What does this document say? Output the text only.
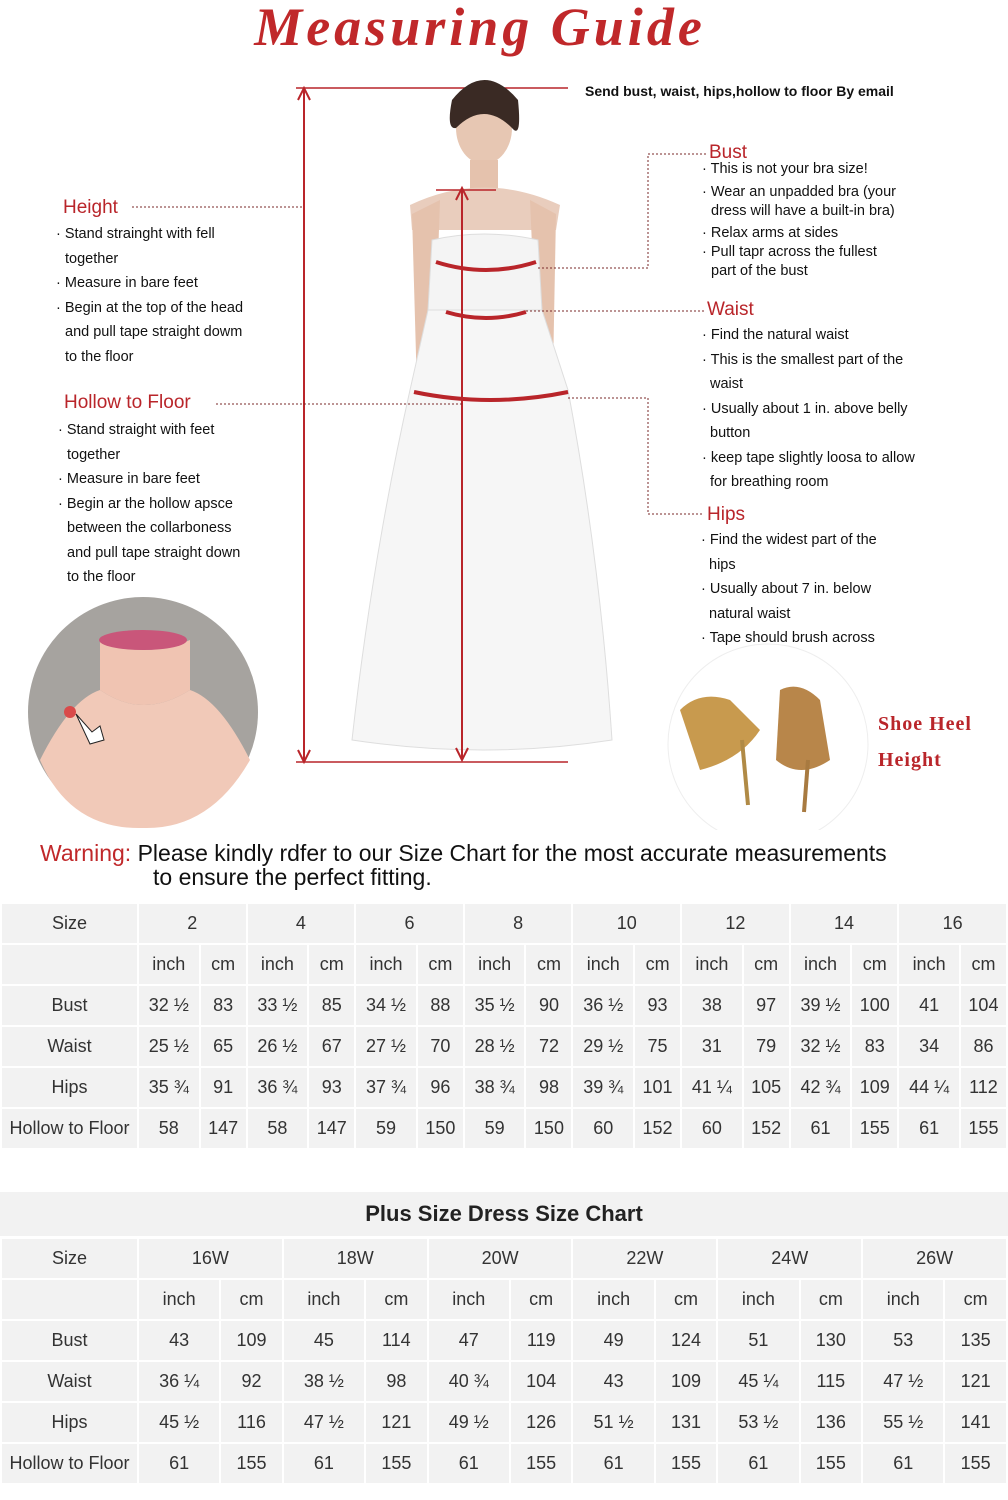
Measuring Guide
Send bust, waist, hips,hollow to floor By email
Height
· Stand strainght with fell
together
· Measure in bare feet
· Begin at the top of the head
and pull tape straight dowm
to the floor
Hollow to Floor
· Stand straight with feet
together
· Measure in bare feet
· Begin ar the hollow apsce
between the collarboness
and pull tape straight down
to the floor
Bust
· This is not your bra size!
· Wear an unpadded bra (your
dress will have a built-in bra)
· Relax arms at sides
· Pull tapr across the fullest
part of the bust
Waist
· Find the natural waist
· This is the smallest part of the
waist
· Usually about 1 in. above belly
button
· keep tape slightly loosa to allow
for breathing room
Hips
· Find the widest part of the
hips
· Usually about 7 in. below
natural waist
· Tape should brush across
Shoe Heel
Height
Warning: Please kindly rdfer to our Size Chart for the most accurate measurements
to ensure the perfect fitting.
Size	2		4		6		8		10		12		14		16	
	inch	cm	inch	cm	inch	cm	inch	cm	inch	cm	inch	cm	inch	cm	inch	cm
Bust	32 ½	83	33 ½	85	34 ½	88	35 ½	90	36 ½	93	38	97	39 ½	100	41	104
Waist	25 ½	65	26 ½	67	27 ½	70	28 ½	72	29 ½	75	31	79	32 ½	83	34	86
Hips	35 ¾	91	36 ¾	93	37 ¾	96	38 ¾	98	39 ¾	101	41 ¼	105	42 ¾	109	44 ¼	112
Hollow to Floor	58	147	58	147	59	150	59	150	60	152	60	152	61	155	61	155
Plus Size Dress Size Chart
Size	16W		18W		20W		22W		24W		26W	
	inch	cm	inch	cm	inch	cm	inch	cm	inch	cm	inch	cm
Bust	43	109	45	114	47	119	49	124	51	130	53	135
Waist	36 ¼	92	38 ½	98	40 ¾	104	43	109	45 ¼	115	47 ½	121
Hips	45 ½	116	47 ½	121	49 ½	126	51 ½	131	53 ½	136	55 ½	141
Hollow to Floor	61	155	61	155	61	155	61	155	61	155	61	155
